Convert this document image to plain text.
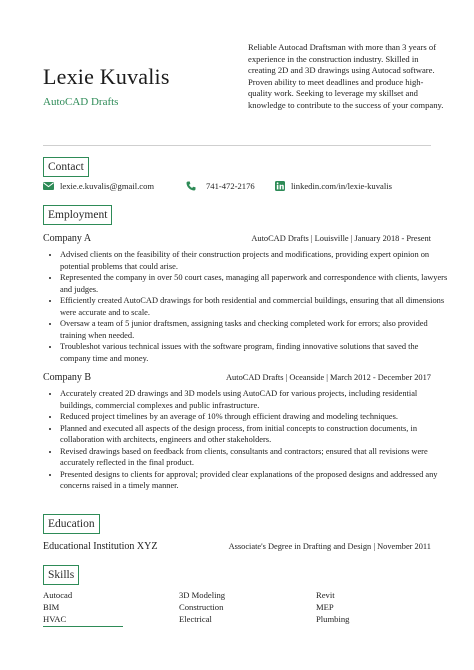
Lexie Kuvalis
AutoCAD Drafts
Reliable Autocad Draftsman with more than 3 years of experience in the construction industry. Skilled in creating 2D and 3D drawings using Autocad software. Proven ability to meet deadlines and produce high-quality work. Seeking to leverage my skillset and knowledge to contribute to the success of your company.
Contact
lexie.e.kuvalis@gmail.com	741-472-2176	linkedin.com/in/lexie-kuvalis
Employment
Company A	AutoCAD Drafts | Louisville | January 2018 - Present
• Advised clients on the feasibility of their construction projects and modifications, providing expert opinion on potential problems that could arise.
• Represented the company in over 50 court cases, managing all paperwork and correspondence with clients, lawyers and judges.
• Efficiently created AutoCAD drawings for both residential and commercial buildings, ensuring that all dimensions were accurate and to scale.
• Oversaw a team of 5 junior draftsmen, assigning tasks and checking completed work for errors; also provided training when needed.
• Troubleshot various technical issues with the software program, finding innovative solutions that saved the company time and money.
Company B	AutoCAD Drafts | Oceanside | March 2012 - December 2017
• Accurately created 2D drawings and 3D models using AutoCAD for various projects, including residential buildings, commercial complexes and public infrastructure.
• Reduced project timelines by an average of 10% through efficient drawing and modeling techniques.
• Planned and executed all aspects of the design process, from initial concepts to construction documents, in collaboration with architects, engineers and other stakeholders.
• Revised drawings based on feedback from clients, consultants and contractors; ensured that all revisions were accurately reflected in the final product.
• Presented designs to clients for approval; provided clear explanations of the proposed designs and addressed any concerns raised in a timely manner.
Education
Educational Institution XYZ	Associate's Degree in Drafting and Design | November 2011
Skills
Autocad	3D Modeling	Revit
BIM	Construction	MEP
HVAC	Electrical	Plumbing
